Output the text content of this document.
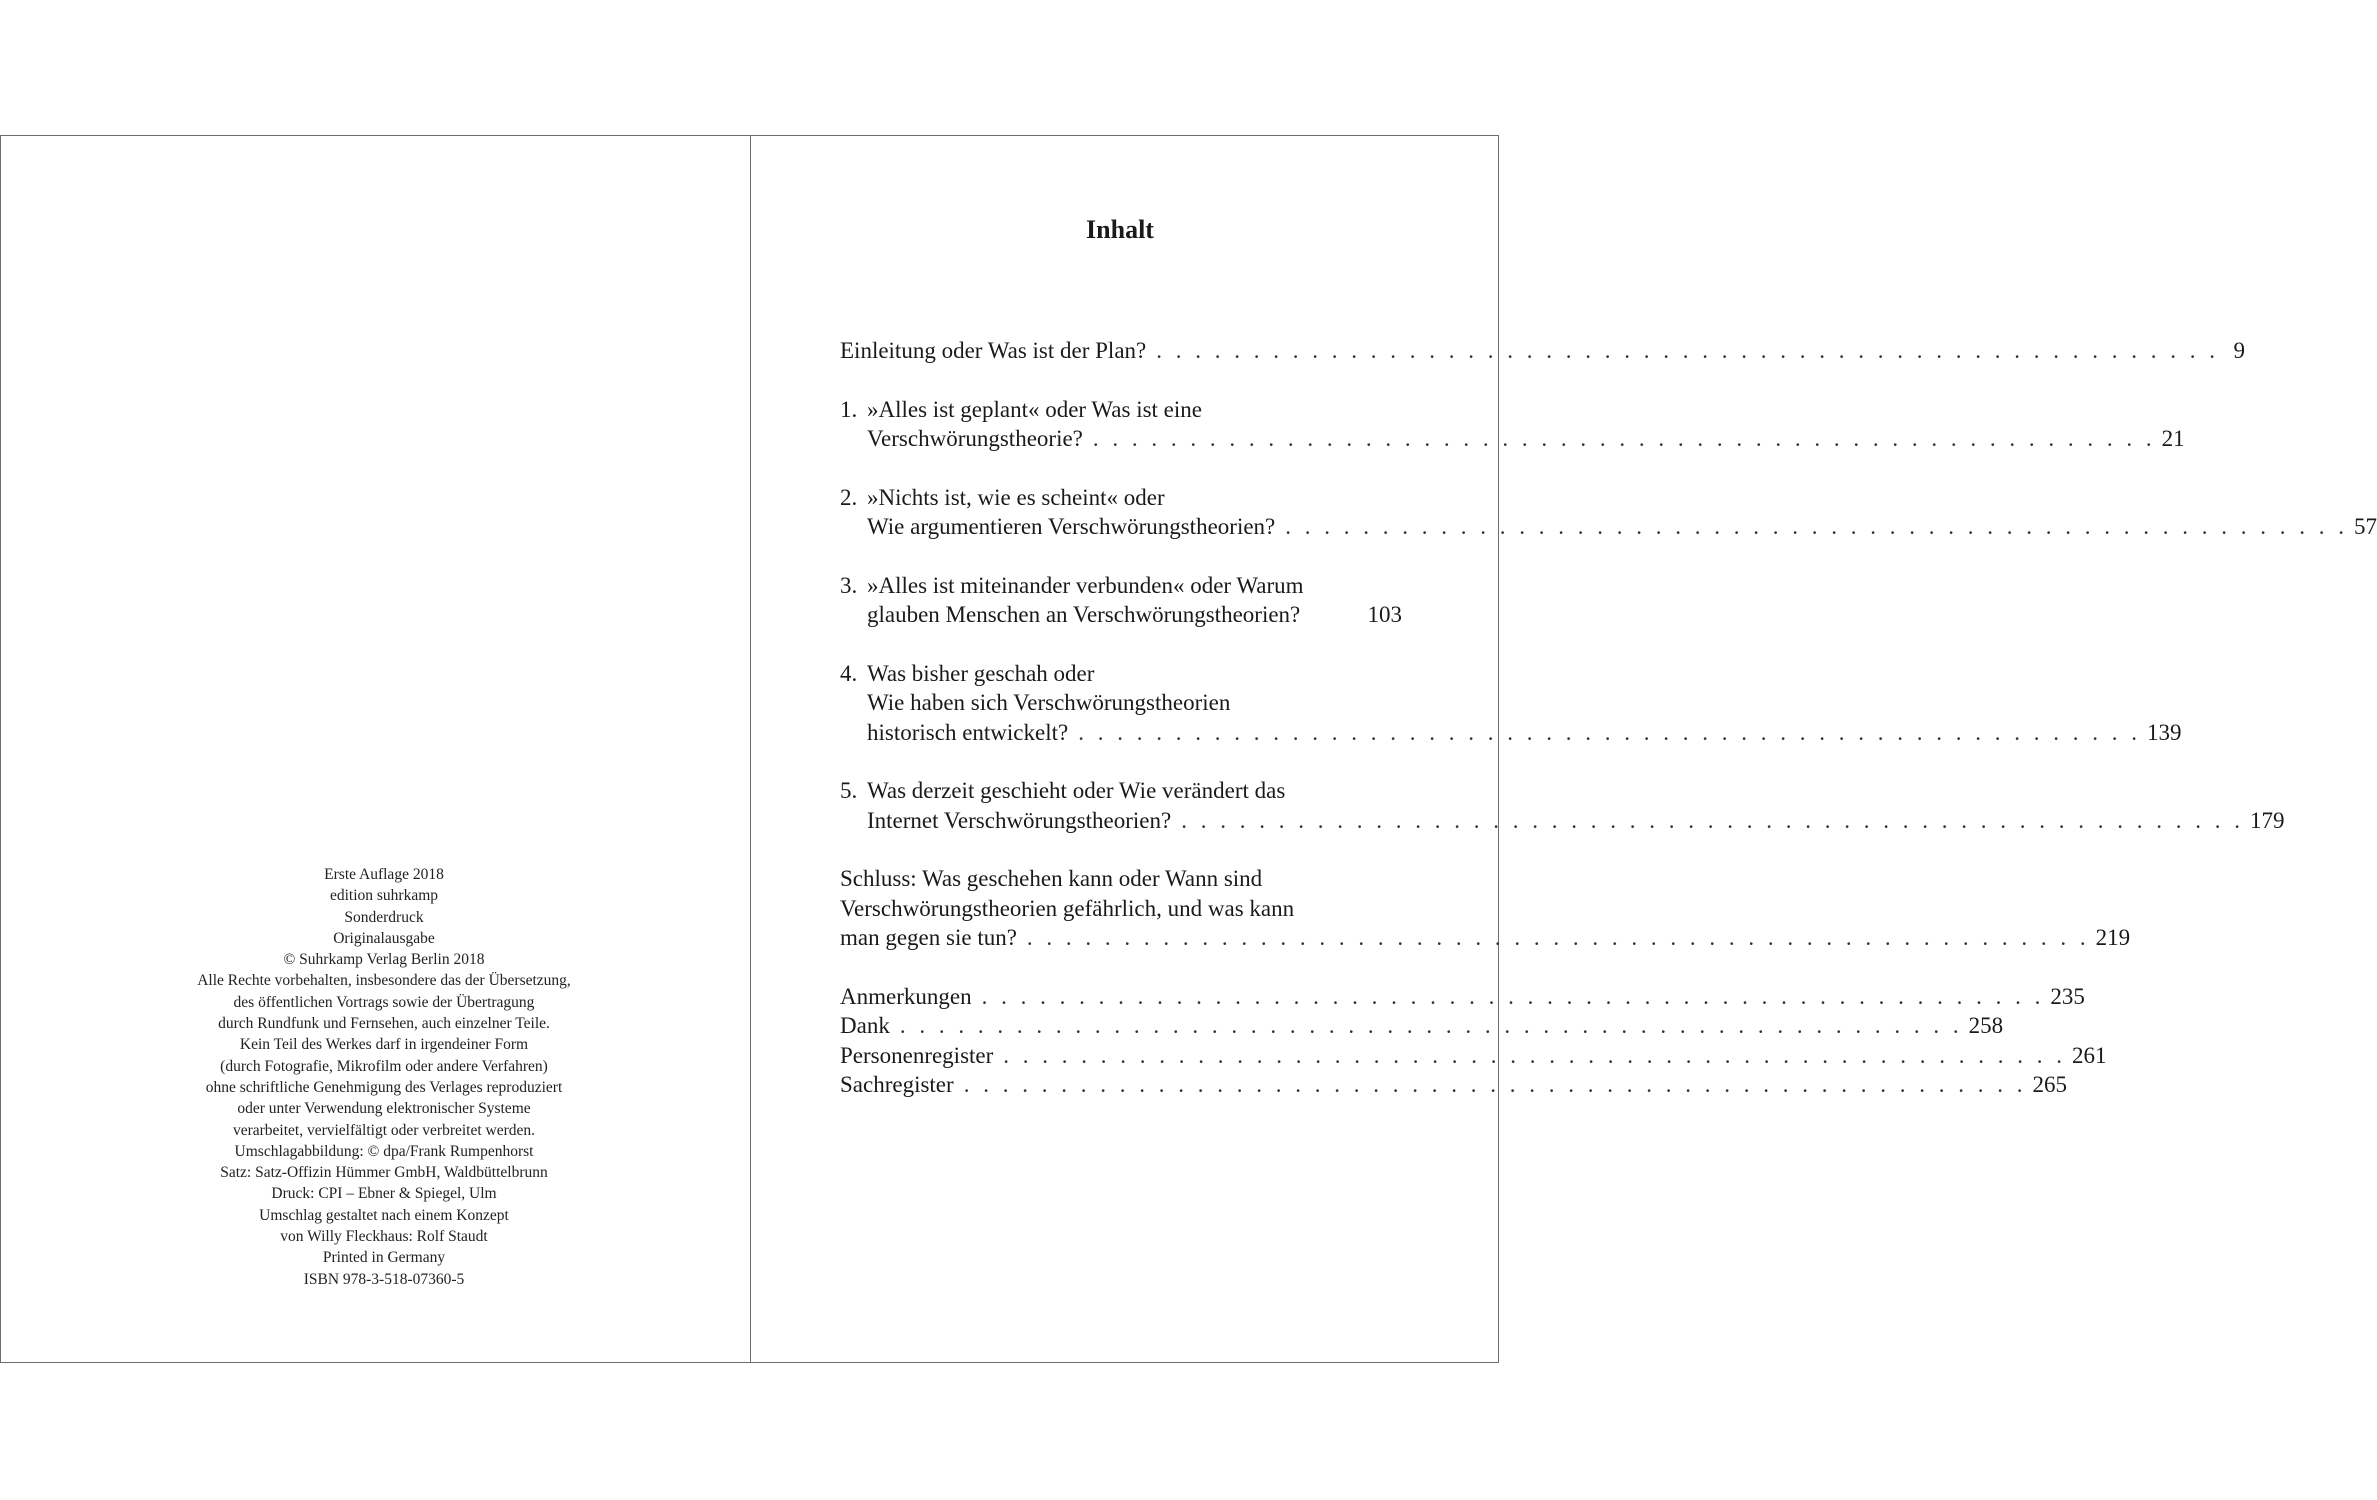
Erste Auflage 2018
edition suhrkamp
Sonderdruck
Originalausgabe
© Suhrkamp Verlag Berlin 2018
Alle Rechte vorbehalten, insbesondere das der Übersetzung,
des öffentlichen Vortrags sowie der Übertragung
durch Rundfunk und Fernsehen, auch einzelner Teile.
Kein Teil des Werkes darf in irgendeiner Form
(durch Fotografie, Mikrofilm oder andere Verfahren)
ohne schriftliche Genehmigung des Verlages reproduziert
oder unter Verwendung elektronischer Systeme
verarbeitet, vervielfältigt oder verbreitet werden.
Umschlagabbildung: © dpa/Frank Rumpenhorst
Satz: Satz-Offizin Hümmer GmbH, Waldbüttelbrunn
Druck: CPI – Ebner & Spiegel, Ulm
Umschlag gestaltet nach einem Konzept
von Willy Fleckhaus: Rolf Staudt
Printed in Germany
ISBN 978-3-518-07360-5
Inhalt
Einleitung oder Was ist der Plan? . . . . . . . . . . . . . . . . . . . . . . . . . . . . . . . . . . . . . . . . . . . . . . . . . . . . . . . 9
1. »Alles ist geplant« oder Was ist eine
Verschwörungstheorie? . . . . . . . . . . . . . . . . . . . . . . . . . . . . . . . . . . . . . . . . . . . . . . . . . . . . . . . 21
2. »Nichts ist, wie es scheint« oder
Wie argumentieren Verschwörungstheorien? . . . . . . . . . . . . . . . . . . . . . . . . . . . . . . . . . . . . . . . . . . . . . . . . . . . . . . . 57
3. »Alles ist miteinander verbunden« oder Warum
glauben Menschen an Verschwörungstheorien?	103
4. Was bisher geschah oder
Wie haben sich Verschwörungstheorien
historisch entwickelt? . . . . . . . . . . . . . . . . . . . . . . . . . . . . . . . . . . . . . . . . . . . . . . . . . . . . . . . 139
5. Was derzeit geschieht oder Wie verändert das
Internet Verschwörungstheorien? . . . . . . . . . . . . . . . . . . . . . . . . . . . . . . . . . . . . . . . . . . . . . . . . . . . . . . . 179
Schluss: Was geschehen kann oder Wann sind
Verschwörungstheorien gefährlich, und was kann
man gegen sie tun? . . . . . . . . . . . . . . . . . . . . . . . . . . . . . . . . . . . . . . . . . . . . . . . . . . . . . . . 219
Anmerkungen . . . . . . . . . . . . . . . . . . . . . . . . . . . . . . . . . . . . . . . . . . . . . . . . . . . . . . . 235
Dank . . . . . . . . . . . . . . . . . . . . . . . . . . . . . . . . . . . . . . . . . . . . . . . . . . . . . . . 258
Personenregister . . . . . . . . . . . . . . . . . . . . . . . . . . . . . . . . . . . . . . . . . . . . . . . . . . . . . . . 261
Sachregister . . . . . . . . . . . . . . . . . . . . . . . . . . . . . . . . . . . . . . . . . . . . . . . . . . . . . . . 265
